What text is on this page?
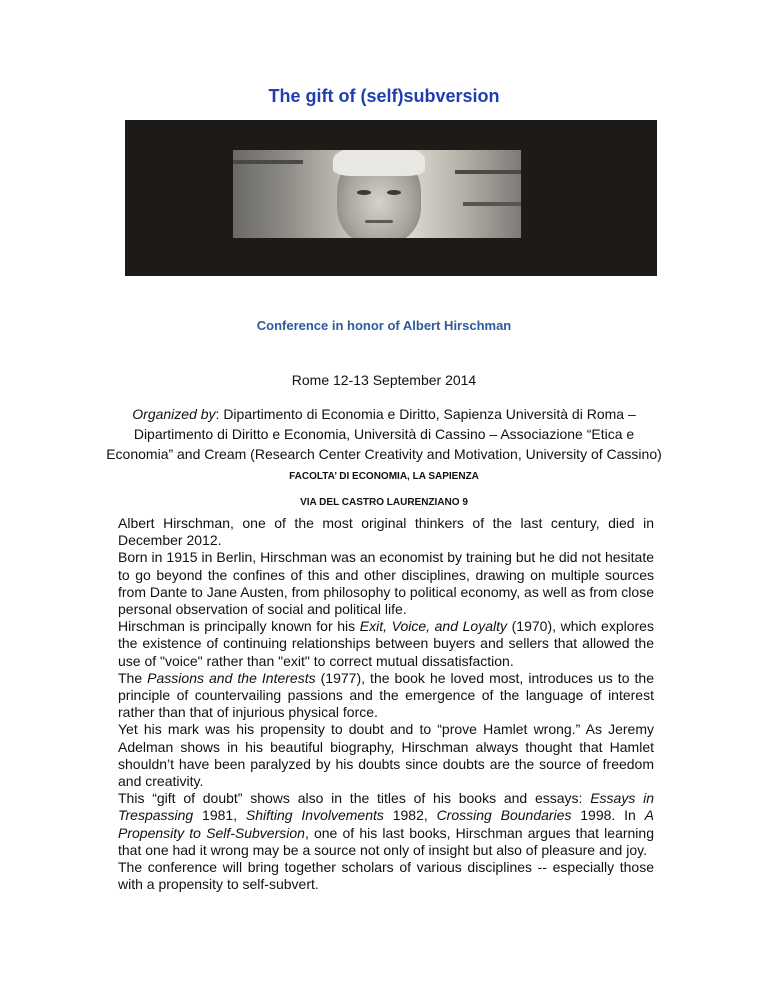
The gift of (self)subversion
Conference in honor of Albert Hirschman
Rome 12-13 September 2014
Organized by: Dipartimento di Economia e Diritto, Sapienza Università di Roma – Dipartimento di Diritto e Economia, Università di Cassino – Associazione “Etica e Economia” and Cream (Research Center Creativity and Motivation, University of Cassino)
FACOLTA’ DI ECONOMIA, LA SAPIENZA
VIA DEL CASTRO LAURENZIANO 9

Albert Hirschman, one of the most original thinkers of the last century, died in December 2012.

Born in 1915 in Berlin, Hirschman was an economist by training but he did not hesitate to go beyond the confines of this and other disciplines, drawing on multiple sources from Dante to Jane Austen, from philosophy to political economy, as well as from close personal observation of social and political life.

Hirschman is principally known for his Exit, Voice, and Loyalty (1970), which explores the existence of continuing relationships between buyers and sellers that allowed the use of "voice" rather than "exit" to correct mutual dissatisfaction.

The Passions and the Interests (1977), the book he loved most, introduces us to the principle of countervailing passions and the emergence of the language of interest rather than that of injurious physical force.

Yet his mark was his propensity to doubt and to “prove Hamlet wrong.” As Jeremy Adelman shows in his beautiful biography, Hirschman always thought that Hamlet shouldn’t have been paralyzed by his doubts since doubts are the source of freedom and creativity.

This “gift of doubt” shows also in the titles of his books and essays: Essays in Trespassing 1981, Shifting Involvements 1982, Crossing Boundaries 1998. In A Propensity to Self-Subversion, one of his last books, Hirschman argues that learning that one had it wrong may be a source not only of insight but also of pleasure and joy.

The conference will bring together scholars of various disciplines -- especially those with a propensity to self-subvert.
